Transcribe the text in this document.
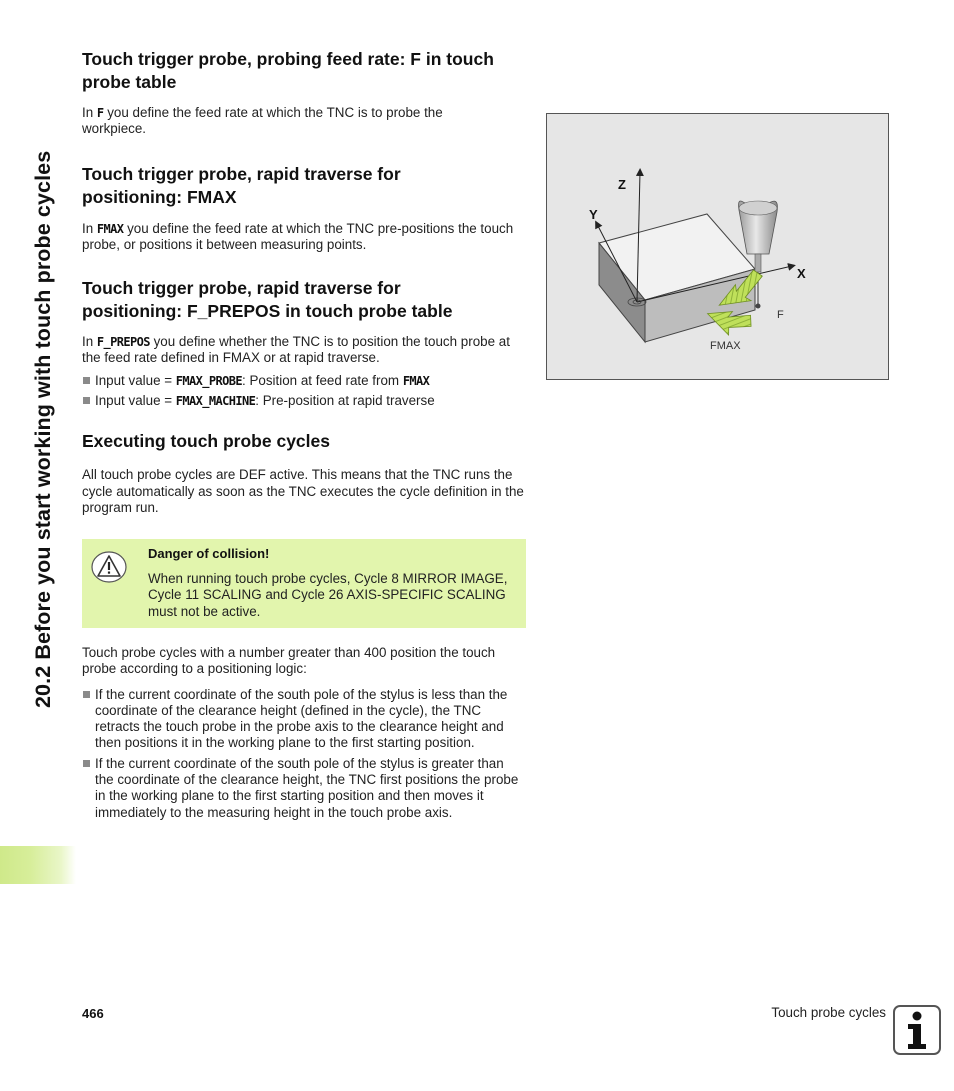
20.2 Before you start working with touch probe cycles
Touch trigger probe, probing feed rate: F in touch probe table

In F you define the feed rate at which the TNC is to probe the workpiece.

Touch trigger probe, rapid traverse for positioning: FMAX

In FMAX you define the feed rate at which the TNC pre-positions the touch probe, or positions it between measuring points.

Touch trigger probe, rapid traverse for positioning: F_PREPOS in touch probe table

In F_PREPOS you define whether the TNC is to position the touch probe at the feed rate defined in FMAX or at rapid traverse.

Input value = FMAX_PROBE: Position at feed rate from FMAX
Input value = FMAX_MACHINE: Pre-position at rapid traverse
Executing touch probe cycles

All touch probe cycles are DEF active. This means that the TNC runs the cycle automatically as soon as the TNC executes the cycle definition in the program run.

Danger of collision!
When running touch probe cycles, Cycle 8 MIRROR IMAGE, Cycle 11 SCALING and Cycle 26 AXIS-SPECIFIC SCALING must not be active.

Touch probe cycles with a number greater than 400 position the touch probe according to a positioning logic:

If the current coordinate of the south pole of the stylus is less than the coordinate of the clearance height (defined in the cycle), the TNC retracts the touch probe in the probe axis to the clearance height and then positions it in the working plane to the first starting position.
If the current coordinate of the south pole of the stylus is greater than the coordinate of the clearance height, the TNC first positions the probe in the working plane to the first starting position and then moves it immediately to the measuring height in the touch probe axis.
Z
Y
X
F
FMAX
466	Touch probe cycles
